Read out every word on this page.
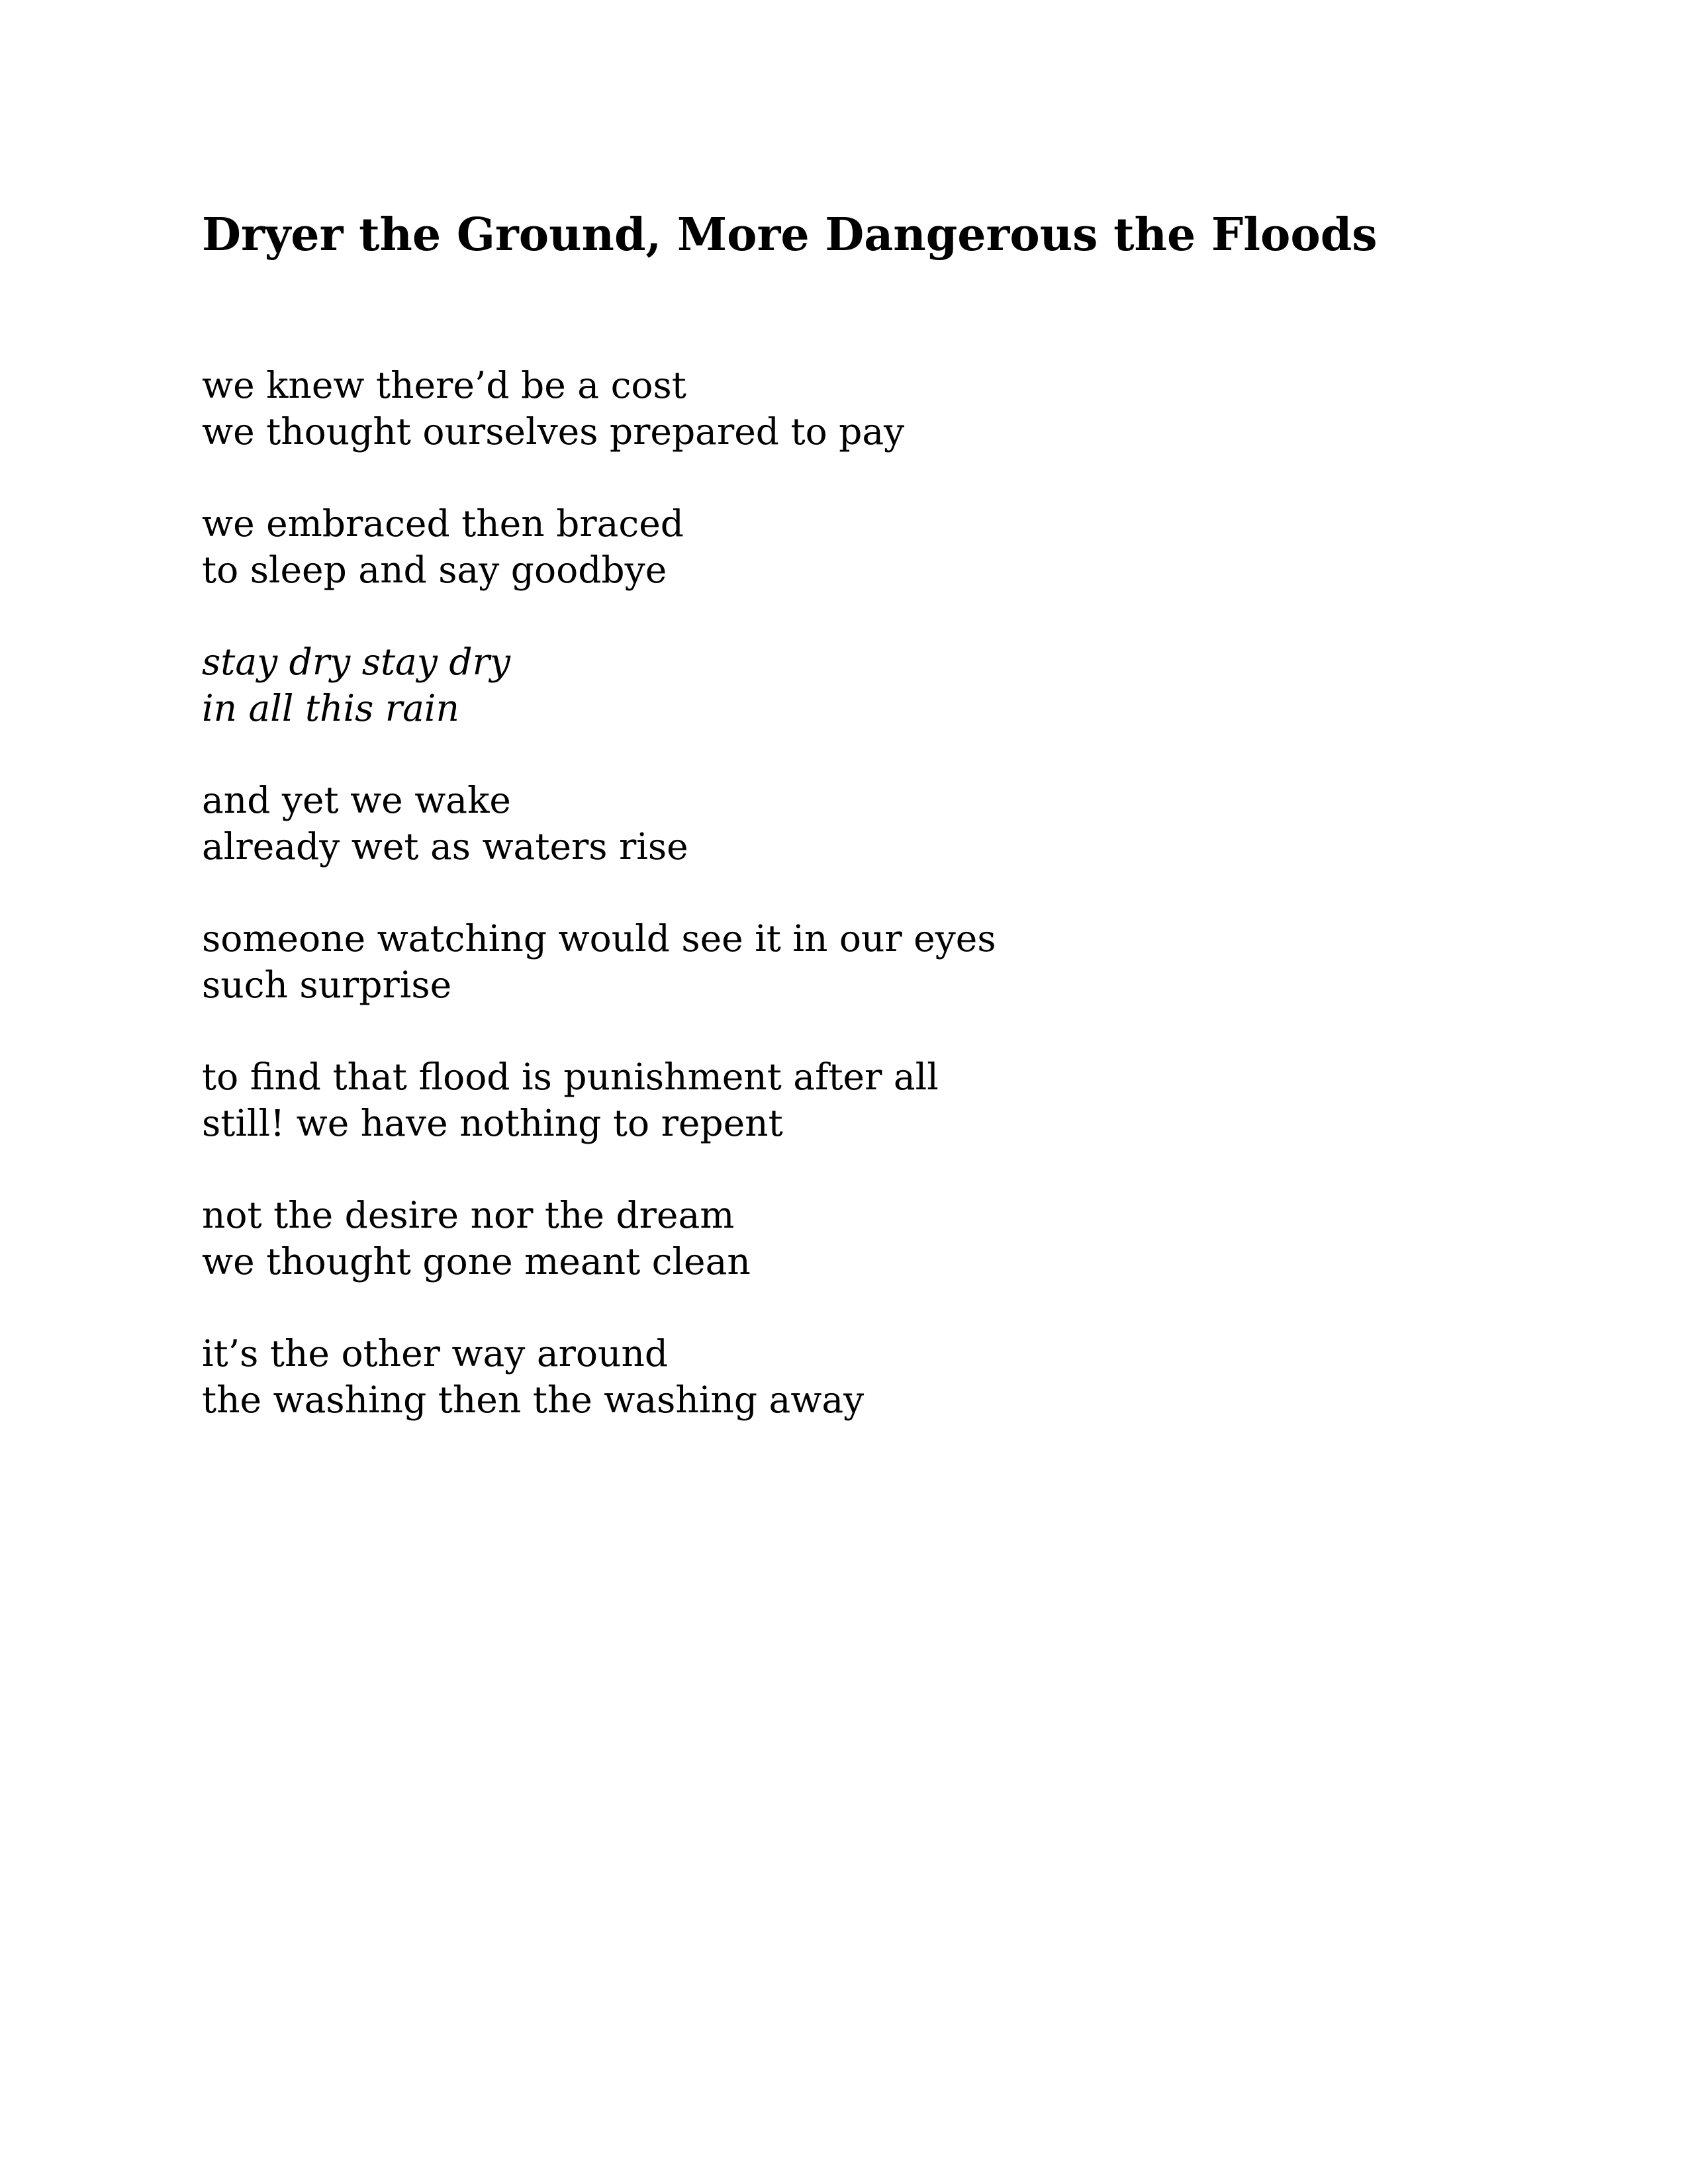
Dryer the Ground, More Dangerous the Floods
we knew there’d be a cost
we thought ourselves prepared to pay
we embraced then braced
to sleep and say goodbye
stay dry stay dry
in all this rain
and yet we wake
already wet as waters rise
someone watching would see it in our eyes
such surprise
to find that flood is punishment after all
still! we have nothing to repent
not the desire nor the dream
we thought gone meant clean
it’s the other way around
the washing then the washing away
